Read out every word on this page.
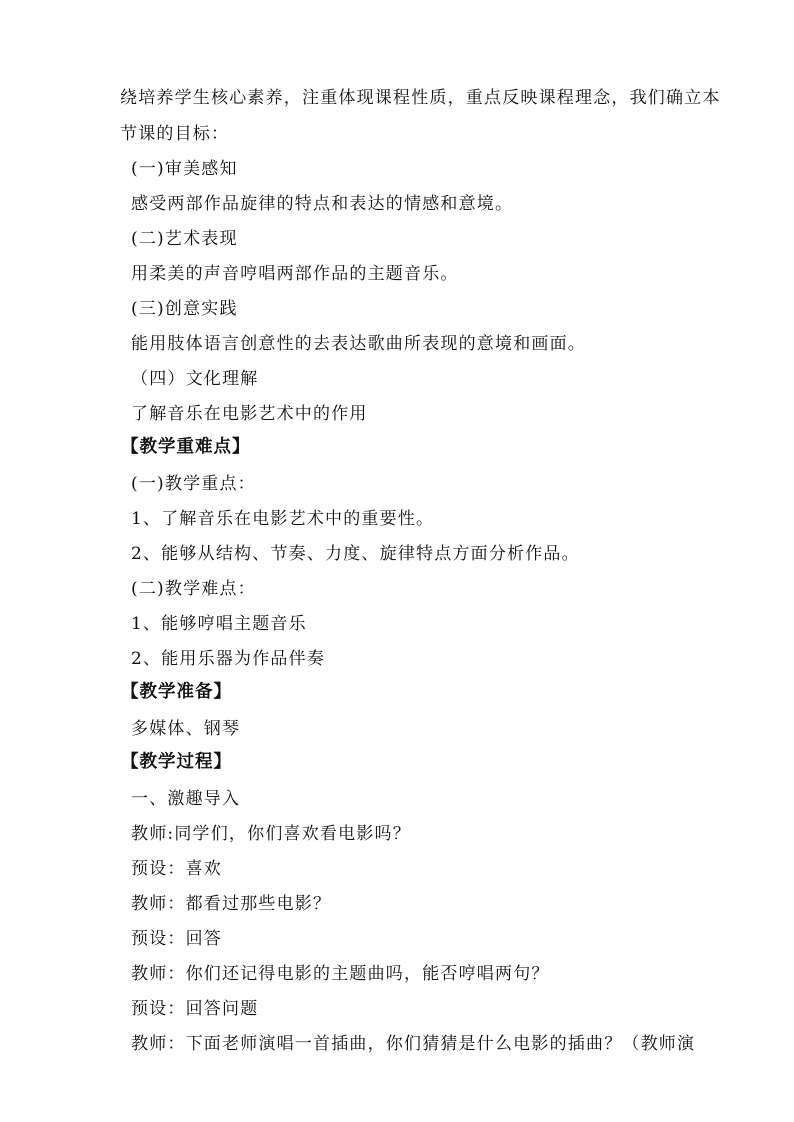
绕培养学生核心素养，注重体现课程性质，重点反映课程理念，我们确立本
节课的目标：
(一)审美感知
感受两部作品旋律的特点和表达的情感和意境。
(二)艺术表现
用柔美的声音哼唱两部作品的主题音乐。
(三)创意实践
能用肢体语言创意性的去表达歌曲所表现的意境和画面。
（四）文化理解
了解音乐在电影艺术中的作用
【教学重难点】
(一)教学重点：
1、了解音乐在电影艺术中的重要性。
2、能够从结构、节奏、力度、旋律特点方面分析作品。
(二)教学难点：
1、能够哼唱主题音乐
2、能用乐器为作品伴奏
【教学准备】
多媒体、钢琴
【教学过程】
一、激趣导入
教师:同学们，你们喜欢看电影吗？
预设：喜欢
教师：都看过那些电影？
预设：回答
教师：你们还记得电影的主题曲吗，能否哼唱两句？
预设：回答问题
教师：下面老师演唱一首插曲，你们猜猜是什么电影的插曲？（教师演
